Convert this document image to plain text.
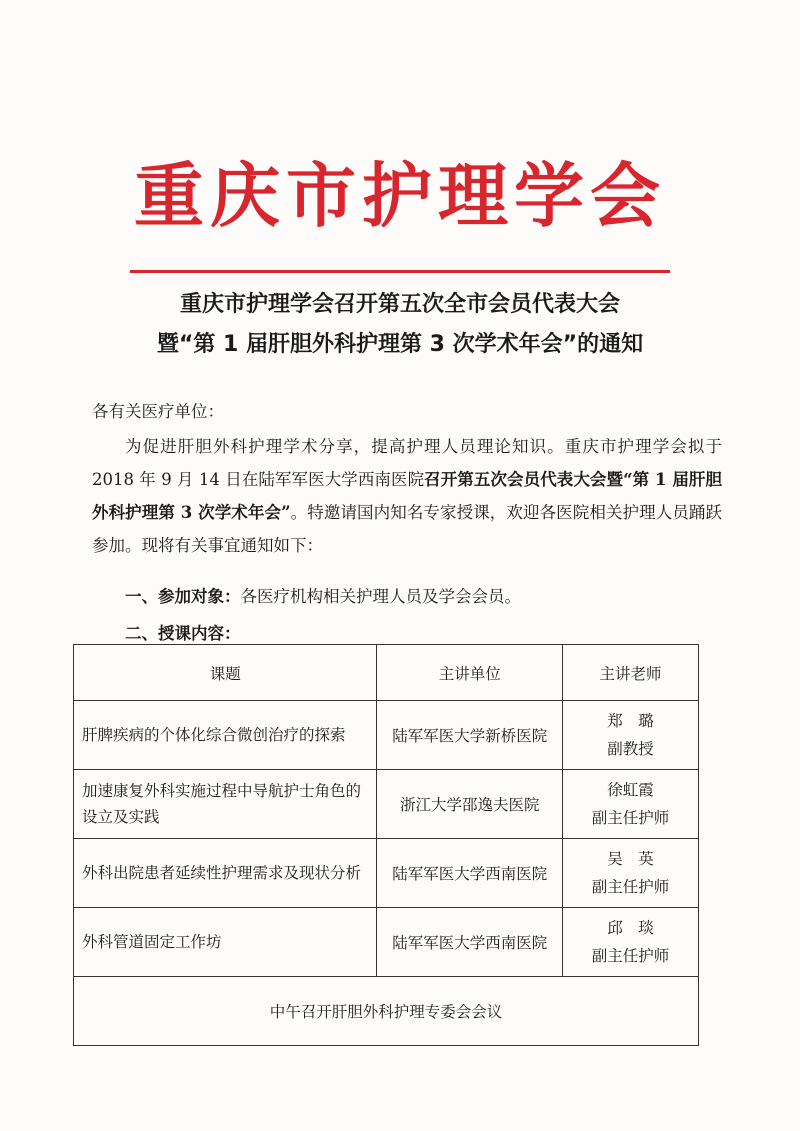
重庆市护理学会
重庆市护理学会召开第五次全市会员代表大会
暨“第 1 届肝胆外科护理第 3 次学术年会”的通知
各有关医疗单位：
为促进肝胆外科护理学术分享，提高护理人员理论知识。重庆市护理学会拟于 2018 年 9 月 14 日在陆军军医大学西南医院召开第五次会员代表大会暨“第 1 届肝胆外科护理第 3 次学术年会”。特邀请国内知名专家授课，欢迎各医院相关护理人员踊跃参加。现将有关事宜通知如下：
一、参加对象：各医疗机构相关护理人员及学会会员。
二、授课内容：
课题	主讲单位	主讲老师
肝脾疾病的个体化综合微创治疗的探索	陆军军医大学新桥医院	郑　璐
副教授

加速康复外科实施过程中导航护士角色的设立及实践	浙江大学邵逸夫医院	徐虹霞
副主任护师

外科出院患者延续性护理需求及现状分析	陆军军医大学西南医院	吴　英
副主任护师

外科管道固定工作坊	陆军军医大学西南医院	邱　琰
副主任护师

中午召开肝胆外科护理专委会会议		
